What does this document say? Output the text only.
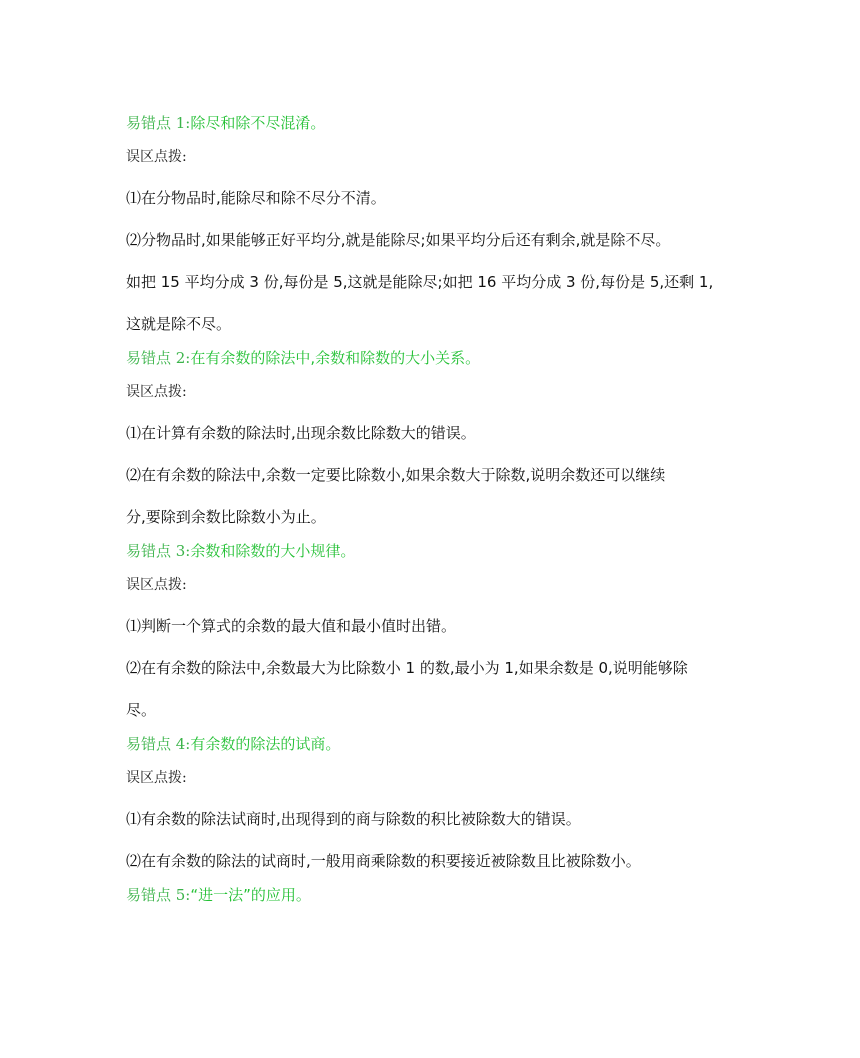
易错点 1:除尽和除不尽混淆。
误区点拨:
⑴在分物品时,能除尽和除不尽分不清。
⑵分物品时,如果能够正好平均分,就是能除尽;如果平均分后还有剩余,就是除不尽。
如把 15 平均分成 3 份,每份是 5,这就是能除尽;如把 16 平均分成 3 份,每份是 5,还剩 1,
这就是除不尽。
易错点 2:在有余数的除法中,余数和除数的大小关系。
误区点拨:
⑴在计算有余数的除法时,出现余数比除数大的错误。
⑵在有余数的除法中,余数一定要比除数小,如果余数大于除数,说明余数还可以继续
分,要除到余数比除数小为止。
易错点 3:余数和除数的大小规律。
误区点拨:
⑴判断一个算式的余数的最大值和最小值时出错。
⑵在有余数的除法中,余数最大为比除数小 1 的数,最小为 1,如果余数是 0,说明能够除
尽。
易错点 4:有余数的除法的试商。
误区点拨:
⑴有余数的除法试商时,出现得到的商与除数的积比被除数大的错误。
⑵在有余数的除法的试商时,一般用商乘除数的积要接近被除数且比被除数小。
易错点 5:“进一法”的应用。
